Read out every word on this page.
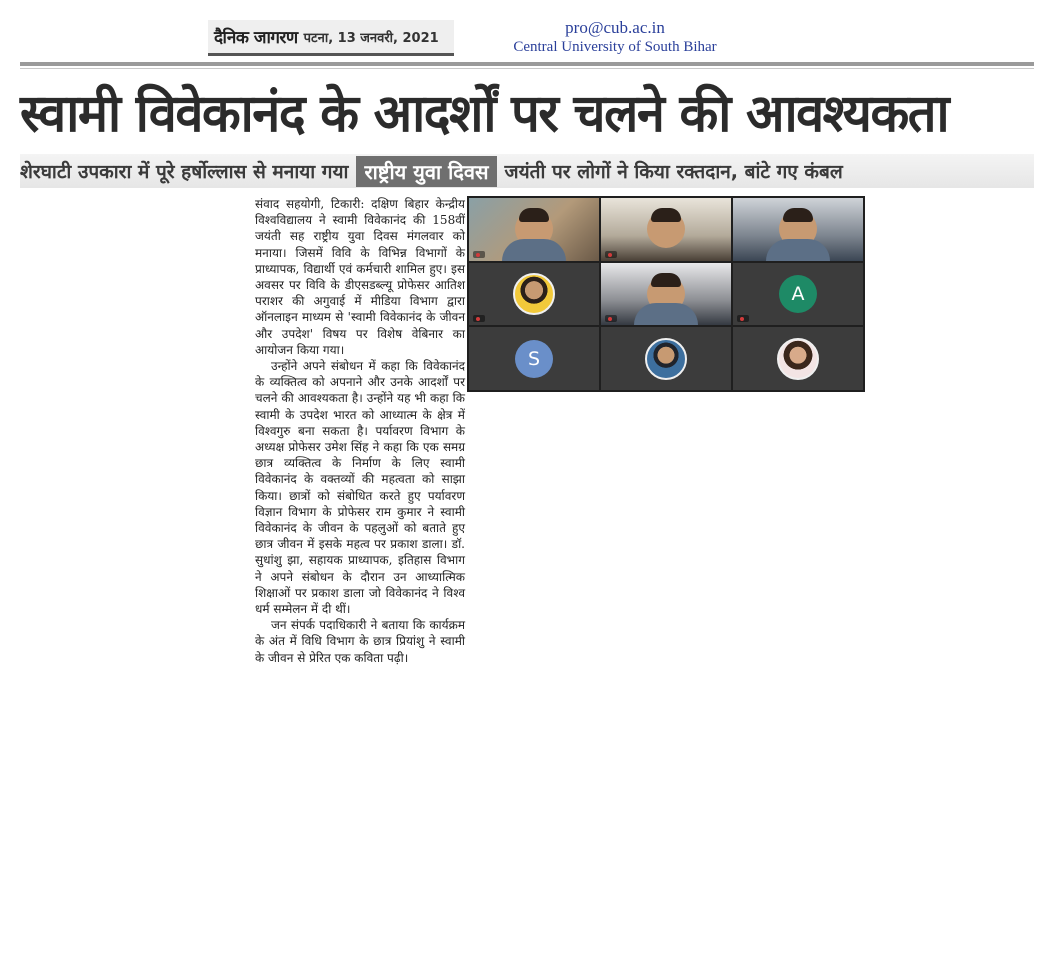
दैनिक जागरण पटना, 13 जनवरी, 2021
pro@cub.ac.in
Central University of South Bihar
स्वामी विवेकानंद के आदर्शों पर चलने की आवश्यकता
शेरघाटी उपकारा में पूरे हर्षोल्लास से मनाया गया राष्ट्रीय युवा दिवस जयंती पर लोगों ने किया रक्तदान, बांटे गए कंबल

संवाद सहयोगी, टिकारी: दक्षिण बिहार केन्द्रीय विश्वविद्यालय ने स्वामी विवेकानंद की 158वीं जयंती सह राष्ट्रीय युवा दिवस मंगलवार को मनाया। जिसमें विवि के विभिन्न विभागों के प्राध्यापक, विद्यार्थी एवं कर्मचारी शामिल हुए। इस अवसर पर विवि के डीएसडब्ल्यू प्रोफेसर आतिश पराशर की अगुवाई में मीडिया विभाग द्वारा ऑनलाइन माध्यम से 'स्वामी विवेकानंद के जीवन और उपदेश' विषय पर विशेष वेबिनार का आयोजन किया गया।

उन्होंने अपने संबोधन में कहा कि विवेकानंद के व्यक्तित्व को अपनाने और उनके आदर्शों पर चलने की आवश्यकता है। उन्होंने यह भी कहा कि स्वामी के उपदेश भारत को आध्यात्म के क्षेत्र में विश्वगुरु बना सकता है। पर्यावरण विभाग के अध्यक्ष प्रोफेसर उमेश सिंह ने कहा कि एक समग्र छात्र व्यक्तित्व के निर्माण के लिए स्वामी विवेकानंद के वक्तव्यों की महत्वता को साझा किया। छात्रों को संबोधित करते हुए पर्यावरण विज्ञान विभाग के प्रोफेसर राम कुमार ने स्वामी विवेकानंद के जीवन के पहलुओं को बताते हुए छात्र जीवन में इसके महत्व पर प्रकाश डाला। डॉ. सुधांशु झा, सहायक प्राध्यापक, इतिहास विभाग ने अपने संबोधन के दौरान उन आध्यात्मिक शिक्षाओं पर प्रकाश डाला जो विवेकानंद ने विश्व धर्म सम्मेलन में दी थीं।

जन संपर्क पदाधिकारी ने बताया कि कार्यक्रम के अंत में विधि विभाग के छात्र प्रियांशु ने स्वामी के जीवन से प्रेरित एक कविता पढ़ी।

A
S
